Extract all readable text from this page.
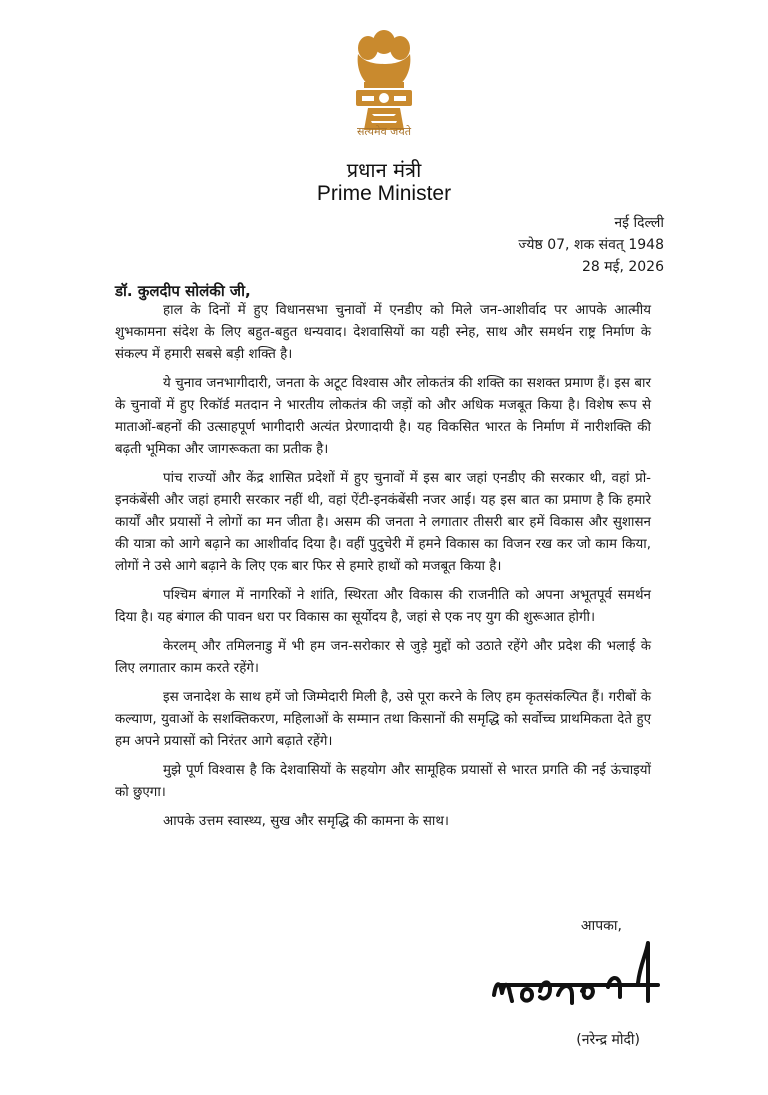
सत्यमेव जयते
प्रधान मंत्री
Prime Minister
नई दिल्ली
ज्येष्ठ 07, शक संवत् 1948
28 मई, 2026
डॉ. कुलदीप सोलंकी जी,

हाल के दिनों में हुए विधानसभा चुनावों में एनडीए को मिले जन-आशीर्वाद पर आपके आत्मीय शुभकामना संदेश के लिए बहुत-बहुत धन्यवाद। देशवासियों का यही स्नेह, साथ और समर्थन राष्ट्र निर्माण के संकल्प में हमारी सबसे बड़ी शक्ति है।

ये चुनाव जनभागीदारी, जनता के अटूट विश्वास और लोकतंत्र की शक्ति का सशक्त प्रमाण हैं। इस बार के चुनावों में हुए रिकॉर्ड मतदान ने भारतीय लोकतंत्र की जड़ों को और अधिक मजबूत किया है। विशेष रूप से माताओं-बहनों की उत्साहपूर्ण भागीदारी अत्यंत प्रेरणादायी है। यह विकसित भारत के निर्माण में नारीशक्ति की बढ़ती भूमिका और जागरूकता का प्रतीक है।

पांच राज्यों और केंद्र शासित प्रदेशों में हुए चुनावों में इस बार जहां एनडीए की सरकार थी, वहां प्रो-इनकंबेंसी और जहां हमारी सरकार नहीं थी, वहां ऐंटी-इनकंबेंसी नजर आई। यह इस बात का प्रमाण है कि हमारे कार्यों और प्रयासों ने लोगों का मन जीता है। असम की जनता ने लगातार तीसरी बार हमें विकास और सुशासन की यात्रा को आगे बढ़ाने का आशीर्वाद दिया है। वहीं पुदुचेरी में हमने विकास का विजन रख कर जो काम किया, लोगों ने उसे आगे बढ़ाने के लिए एक बार फिर से हमारे हाथों को मजबूत किया है।

पश्चिम बंगाल में नागरिकों ने शांति, स्थिरता और विकास की राजनीति को अपना अभूतपूर्व समर्थन दिया है। यह बंगाल की पावन धरा पर विकास का सूर्योदय है, जहां से एक नए युग की शुरूआत होगी।

केरलम् और तमिलनाडु में भी हम जन-सरोकार से जुड़े मुद्दों को उठाते रहेंगे और प्रदेश की भलाई के लिए लगातार काम करते रहेंगे।

इस जनादेश के साथ हमें जो जिम्मेदारी मिली है, उसे पूरा करने के लिए हम कृतसंकल्पित हैं। गरीबों के कल्याण, युवाओं के सशक्तिकरण, महिलाओं के सम्मान तथा किसानों की समृद्धि को सर्वोच्च प्राथमिकता देते हुए हम अपने प्रयासों को निरंतर आगे बढ़ाते रहेंगे।

मुझे पूर्ण विश्वास है कि देशवासियों के सहयोग और सामूहिक प्रयासों से भारत प्रगति की नई ऊंचाइयों को छुएगा।

आपके उत्तम स्वास्थ्य, सुख और समृद्धि की कामना के साथ।

आपका,
(नरेन्द्र मोदी)
